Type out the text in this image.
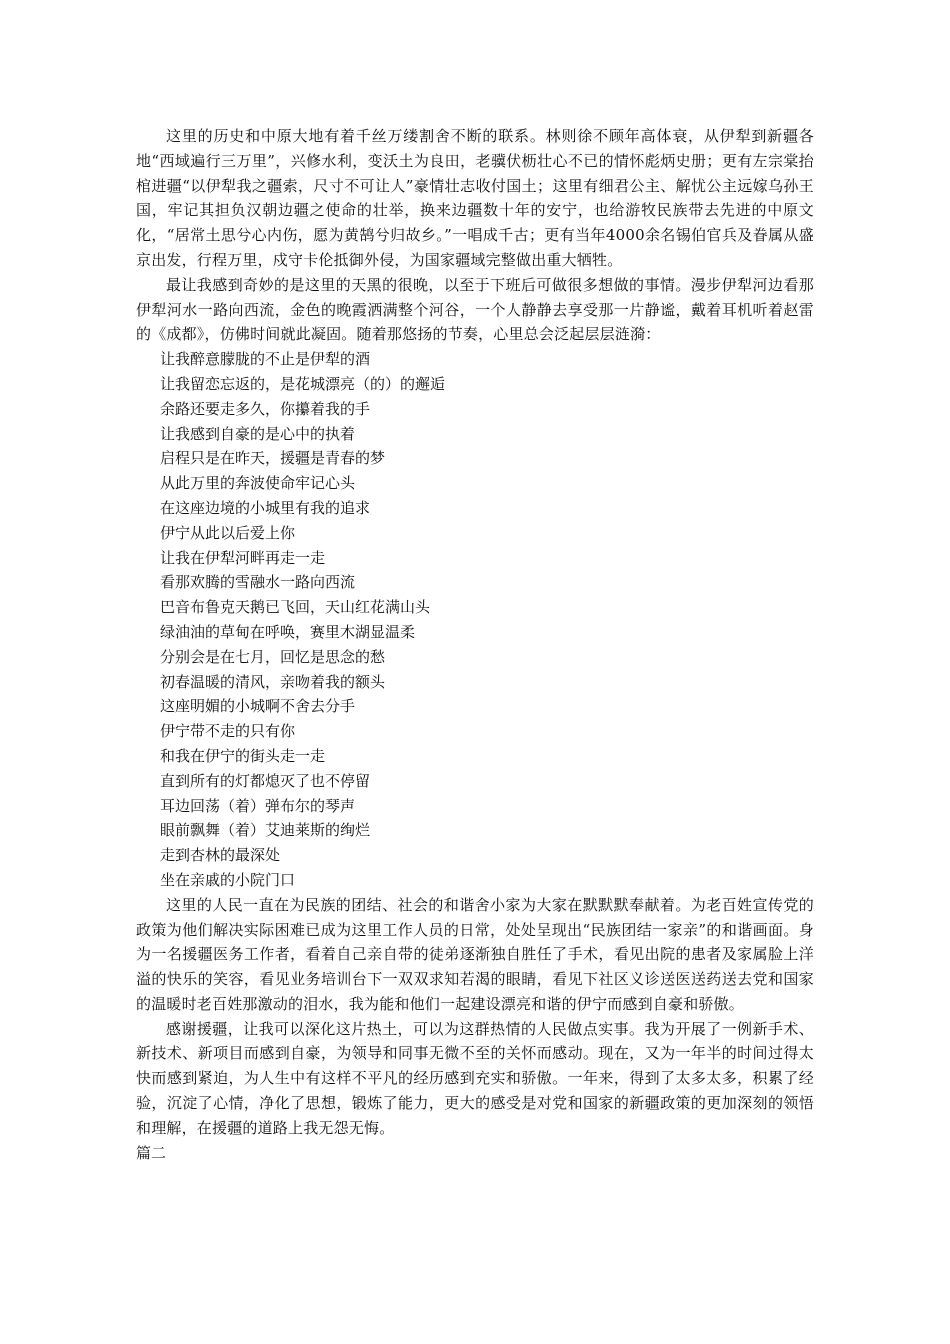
这里的历史和中原大地有着千丝万缕割舍不断的联系。林则徐不顾年高体衰，从伊犁到新疆各地“西域遍行三万里”，兴修水利，变沃土为良田，老骥伏枥壮心不已的情怀彪炳史册；更有左宗棠抬棺进疆“以伊犁我之疆索，尺寸不可让人”豪情壮志收付国土；这里有细君公主、解忧公主远嫁乌孙王国，牢记其担负汉朝边疆之使命的壮举，换来边疆数十年的安宁，也给游牧民族带去先进的中原文化，“居常土思兮心内伤，愿为黄鹄兮归故乡。”一唱成千古；更有当年4000余名锡伯官兵及眷属从盛京出发，行程万里，戍守卡伦抵御外侵，为国家疆域完整做出重大牺牲。

最让我感到奇妙的是这里的天黑的很晚，以至于下班后可做很多想做的事情。漫步伊犁河边看那伊犁河水一路向西流，金色的晚霞洒满整个河谷，一个人静静去享受那一片静谧，戴着耳机听着赵雷的《成都》，仿佛时间就此凝固。随着那悠扬的节奏，心里总会泛起层层涟漪：

让我醉意朦胧的不止是伊犁的酒
让我留恋忘返的，是花城漂亮（的）的邂逅
余路还要走多久，你攥着我的手
让我感到自豪的是心中的执着
启程只是在昨天，援疆是青春的梦
从此万里的奔波使命牢记心头
在这座边境的小城里有我的追求
伊宁从此以后爱上你
让我在伊犁河畔再走一走
看那欢腾的雪融水一路向西流
巴音布鲁克天鹅已飞回，天山红花满山头
绿油油的草甸在呼唤，赛里木湖显温柔
分别会是在七月，回忆是思念的愁
初春温暖的清风，亲吻着我的额头
这座明媚的小城啊不舍去分手
伊宁带不走的只有你
和我在伊宁的街头走一走
直到所有的灯都熄灭了也不停留
耳边回荡（着）弹布尔的琴声
眼前飘舞（着）艾迪莱斯的绚烂
走到杏林的最深处
坐在亲戚的小院门口

这里的人民一直在为民族的团结、社会的和谐舍小家为大家在默默默奉献着。为老百姓宣传党的政策为他们解决实际困难已成为这里工作人员的日常，处处呈现出“民族团结一家亲”的和谐画面。身为一名援疆医务工作者，看着自己亲自带的徒弟逐渐独自胜任了手术，看见出院的患者及家属脸上洋溢的快乐的笑容，看见业务培训台下一双双求知若渴的眼睛，看见下社区义诊送医送药送去党和国家的温暖时老百姓那激动的泪水，我为能和他们一起建设漂亮和谐的伊宁而感到自豪和骄傲。

感谢援疆，让我可以深化这片热土，可以为这群热情的人民做点实事。我为开展了一例新手术、新技术、新项目而感到自豪，为领导和同事无微不至的关怀而感动。现在，又为一年半的时间过得太快而感到紧迫，为人生中有这样不平凡的经历感到充实和骄傲。一年来，得到了太多太多，积累了经验，沉淀了心情，净化了思想，锻炼了能力，更大的感受是对党和国家的新疆政策的更加深刻的领悟和理解，在援疆的道路上我无怨无悔。

篇二
